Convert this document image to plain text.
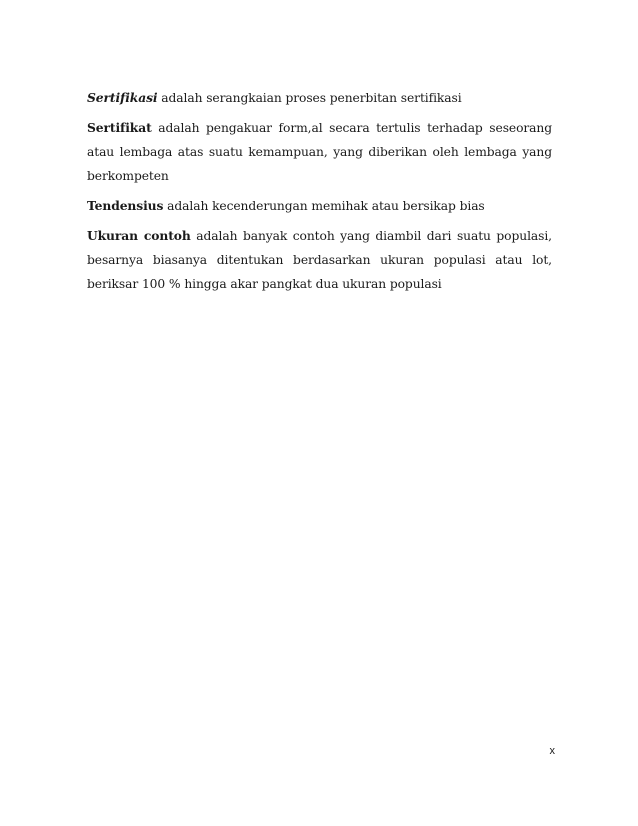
Sertifikasi adalah serangkaian proses penerbitan sertifikasi

Sertifikat adalah pengakuar form,al secara tertulis terhadap seseorang atau lembaga atas suatu kemampuan, yang diberikan oleh lembaga yang berkompeten

Tendensius adalah kecenderungan memihak atau bersikap bias

Ukuran contoh adalah banyak contoh yang diambil dari suatu populasi, besarnya biasanya ditentukan berdasarkan ukuran populasi atau lot, beriksar 100 % hingga akar pangkat dua ukuran populasi

x
